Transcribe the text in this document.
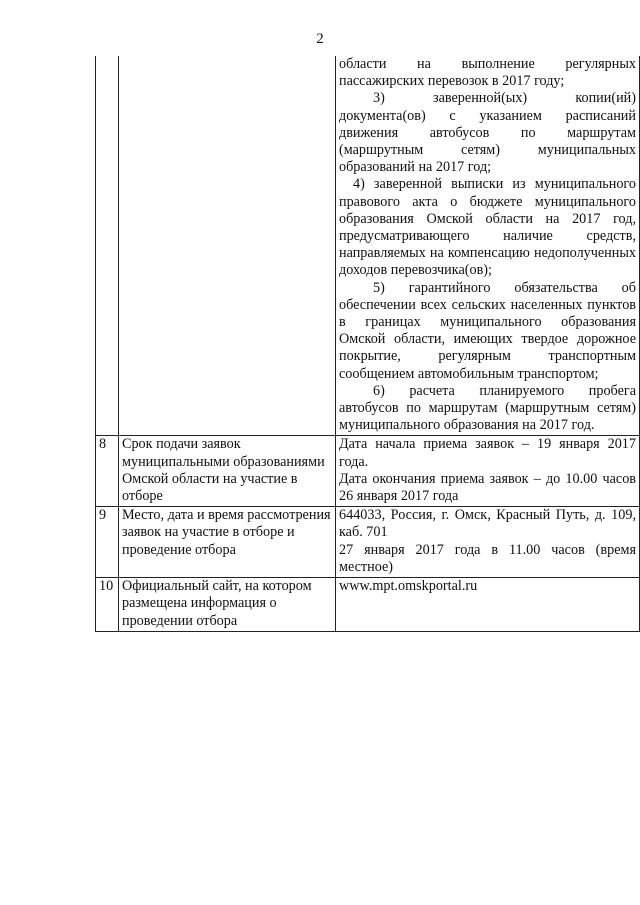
2

		области на выполнение регулярных пассажирских перевозок в 2017 году;

3) заверенной(ых) копии(ий) документа(ов) с указанием расписаний движения автобусов по маршрутам (маршрутным сетям) муниципальных образований на 2017 год;

4) заверенной выписки из муниципального правового акта о бюджете муниципального образования Омской области на 2017 год, предусматривающего наличие средств, направляемых на компенсацию недополученных доходов перевозчика(ов);

5) гарантийного обязательства об обеспечении всех сельских населенных пунктов в границах муниципального образования Омской области, имеющих твердое дорожное покрытие, регулярным транспортным сообщением автомобильным транспортом;

6) расчета планируемого пробега автобусов по маршрутам (маршрутным сетям) муниципального образования на 2017 год.

8	Срок подачи заявок муниципальными образованиями Омской области на участие в отборе	Дата начала приема заявок – 19 января 2017 года.

Дата окончания приема заявок – до 10.00 часов 26 января 2017 года

9	Место, дата и время рассмотрения заявок на участие в отборе и проведение отбора	644033, Россия, г. Омск, Красный Путь, д. 109, каб. 701

27 января 2017 года в 11.00 часов (время местное)

10	Официальный сайт, на котором размещена информация о проведении отбора	www.mpt.omskportal.ru
